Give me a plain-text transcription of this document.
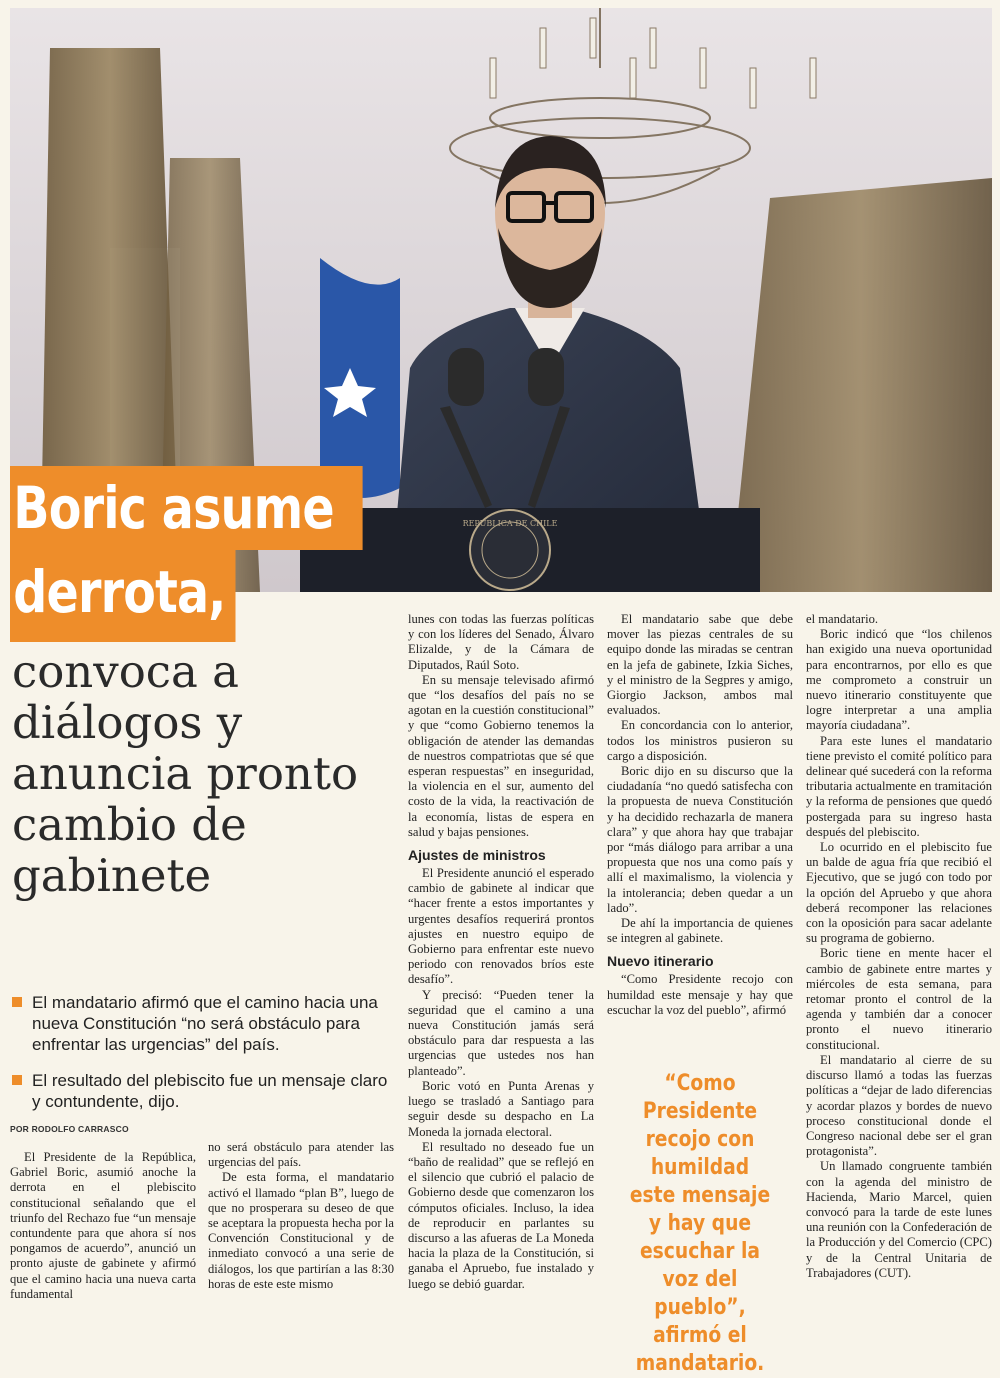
REPUBLICA DE CHILE
Boric asume
derrota,
convoca a diálogos y anuncia pronto cambio de gabinete
El mandatario afirmó que el camino hacia una nueva Constitución “no será obstáculo para enfrentar las urgencias” del país.
El resultado del plebiscito fue un mensaje claro y contundente, dijo.
POR RODOLFO CARRASCO

El Presidente de la República, Gabriel Boric, asumió anoche la derrota en el plebiscito constitucional señalando que el triunfo del Rechazo fue “un mensaje contundente para que ahora sí nos pongamos de acuerdo”, anunció un pronto ajuste de gabinete y afirmó que el camino hacia una nueva carta fundamental

no será obstáculo para atender las urgencias del país.

De esta forma, el mandatario activó el llamado “plan B”, luego de que no prosperara su deseo de que se aceptara la propuesta hecha por la Convención Constitucional y de inmediato convocó a una serie de diálogos, los que partirían a las 8:30 horas de este este mismo

lunes con todas las fuerzas políticas y con los líderes del Senado, Álvaro Elizalde, y de la Cámara de Diputados, Raúl Soto.

En su mensaje televisado afirmó que “los desafíos del país no se agotan en la cuestión constitucional” y que “como Gobierno tenemos la obligación de atender las demandas de nuestros compatriotas que sé que esperan respuestas” en inseguridad, la violencia en el sur, aumento del costo de la vida, la reactivación de la economía, listas de espera en salud y bajas pensiones.

Ajustes de ministros

El Presidente anunció el esperado cambio de gabinete al indicar que “hacer frente a estos importantes y urgentes desafíos requerirá prontos ajustes en nuestro equipo de Gobierno para enfrentar este nuevo periodo con renovados bríos este desafío”.

Y precisó: “Pueden tener la seguridad que el camino a una nueva Constitución jamás será obstáculo para dar respuesta a las urgencias que ustedes nos han planteado”.

Boric votó en Punta Arenas y luego se trasladó a Santiago para seguir desde su despacho en La Moneda la jornada electoral.

El resultado no deseado fue un “baño de realidad” que se reflejó en el silencio que cubrió el palacio de Gobierno desde que comenzaron los cómputos oficiales. Incluso, la idea de reproducir en parlantes su discurso a las afueras de La Moneda hacia la plaza de la Constitución, si ganaba el Apruebo, fue instalado y luego se debió guardar.

El mandatario sabe que debe mover las piezas centrales de su equipo donde las miradas se centran en la jefa de gabinete, Izkia Siches, y el ministro de la Segpres y amigo, Giorgio Jackson, ambos mal evaluados.

En concordancia con lo anterior, todos los ministros pusieron su cargo a disposición.

Boric dijo en su discurso que la ciudadanía “no quedó satisfecha con la propuesta de nueva Constitución y ha decidido rechazarla de manera clara” y que ahora hay que trabajar por “más diálogo para arribar a una propuesta que nos una como país y allí el maximalismo, la violencia y la intolerancia; deben quedar a un lado”.

De ahí la importancia de quienes se integren al gabinete.

Nuevo itinerario

“Como Presidente recojo con humildad este mensaje y hay que escuchar la voz del pueblo”, afirmó

“Como Presidente recojo con humildad este mensaje y hay que escuchar la voz del pueblo”, afirmó el mandatario.

el mandatario.

Boric indicó que “los chilenos han exigido una nueva oportunidad para encontrarnos, por ello es que me comprometo a construir un nuevo itinerario constituyente que logre interpretar a una amplia mayoría ciudadana”.

Para este lunes el mandatario tiene previsto el comité político para delinear qué sucederá con la reforma tributaria actualmente en tramitación y la reforma de pensiones que quedó postergada para su ingreso hasta después del plebiscito.

Lo ocurrido en el plebiscito fue un balde de agua fría que recibió el Ejecutivo, que se jugó con todo por la opción del Apruebo y que ahora deberá recomponer las relaciones con la oposición para sacar adelante su programa de gobierno.

Boric tiene en mente hacer el cambio de gabinete entre martes y miércoles de esta semana, para retomar pronto el control de la agenda y también dar a conocer pronto el nuevo itinerario constitucional.

El mandatario al cierre de su discurso llamó a todas las fuerzas políticas a “dejar de lado diferencias y acordar plazos y bordes de nuevo proceso constitucional donde el Congreso nacional debe ser el gran protagonista”.

Un llamado congruente también con la agenda del ministro de Hacienda, Mario Marcel, quien convocó para la tarde de este lunes una reunión con la Confederación de la Producción y del Comercio (CPC) y de la Central Unitaria de Trabajadores (CUT).
